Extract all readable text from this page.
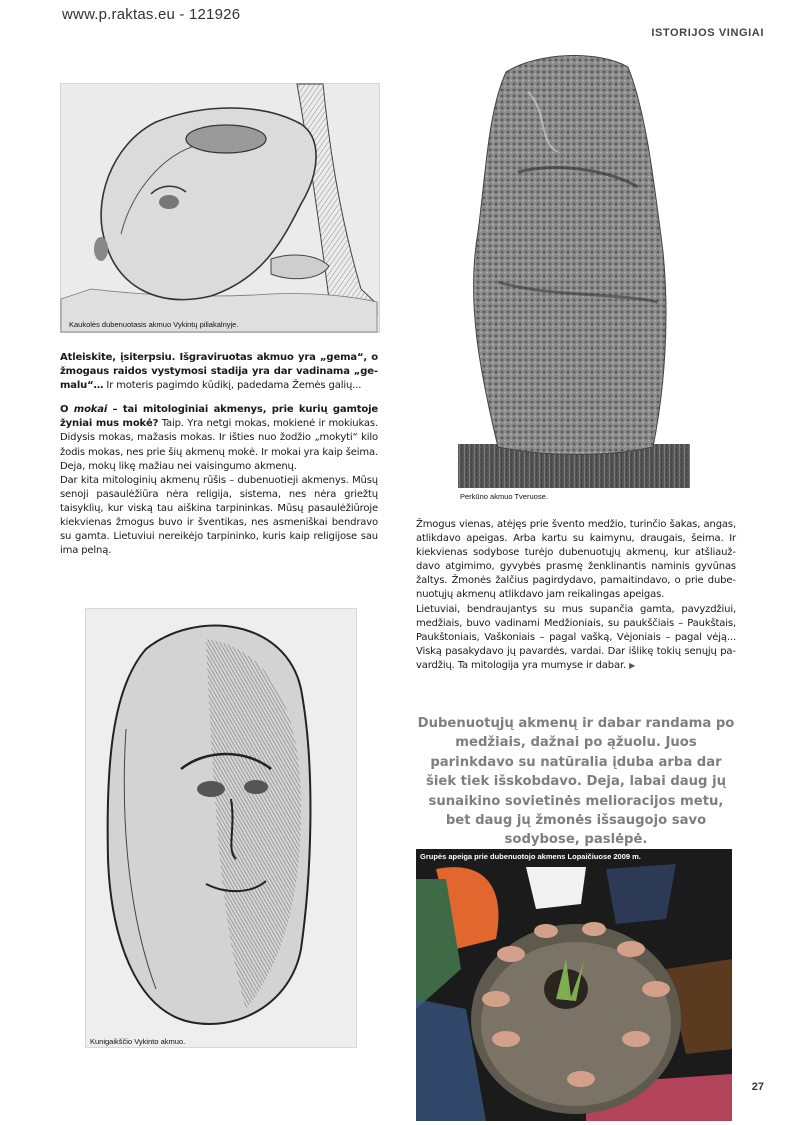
www.p.raktas.eu - 121926
ISTORIJOS VINGIAI
Kaukolės dubenuotasis akmuo Vykintų piliakalnyje.
Perkūno akmuo Tveruose.

Atleiskite, įsiterpsiu. Išgraviruotas akmuo yra „gema“, o žmogaus raidos vystymosi stadija yra dar vadinama „gemalu“… Ir moteris pagimdo kūdikį, padedama Žemės galių...

O mokai – tai mitologiniai akmenys, prie kurių gamtoje žyniai mus mokė? Taip. Yra netgi mokas, mokienė ir mokiukas. Didysis mokas, mažasis mokas. Ir išties nuo žodžio „mokyti“ kilo žodis mokas, nes prie šių akmenų mokė. Ir mokai yra kaip šeima. Deja, mokų likę mažiau nei vaisingumo akmenų.

Dar kita mitologinių akmenų rūšis – dubenuotieji akmenys. Mūsų senoji pasaulėžiūra nėra religija, sistema, nes nėra griežtų taisyklių, kur viską tau aiškina tarpininkas. Mūsų pasaulėžiūroje kiekvienas žmogus buvo ir šventikas, nes asmeniškai bendravo su gamta. Lietuviui nereikėjo tarpininko, kuris kaip religijose sau ima pelną.

Kunigaikščio Vykinto akmuo.

Žmogus vienas, atėjęs prie švento medžio, turinčio šakas, angas, atlikdavo apeigas. Arba kartu su kaimynu, draugais, šeima. Ir kiekvienas sodybose turėjo dubenuotųjų akmenų, kur atšliauždavo atgimimo, gyvybės prasmę ženklinantis naminis gyvūnas žaltys. Žmonės žalčius pagirdydavo, pamaitindavo, o prie dubenuotųjų akmenų atlikdavo jam reikalingas apeigas.

Lietuviai, bendraujantys su mus supančia gamta, pavyzdžiui, medžiais, buvo vadinami Medžioniais, su paukščiais – Paukštais, Paukštoniais, Vaškoniais – pagal vašką, Vėjoniais – pagal vėją... Viską pasakydavo jų pavardės, vardai. Dar išlikę tokių senųjų pavardžių. Ta mitologija yra mumyse ir dabar. ▶

Dubenuotųjų akmenų ir dabar randama po medžiais, dažnai po ąžuolu. Juos parinkdavo su natūralia įduba arba dar šiek tiek išskobdavo. Deja, labai daug jų sunaikino sovietinės melioracijos metu, bet daug jų žmonės išsaugojo savo sodybose, paslėpė.
Grupės apeiga prie dubenuotojo akmens Lopaičiuose 2009 m.
27
